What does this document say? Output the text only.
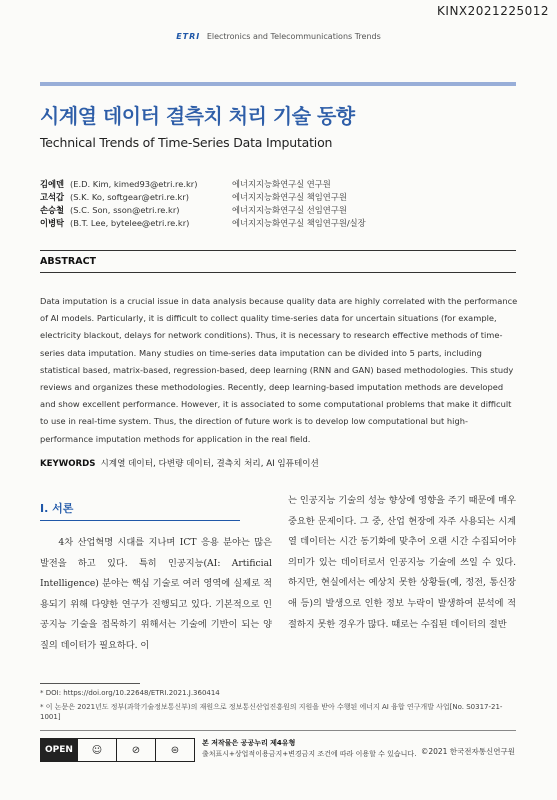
KINX2021225012
ETRI Electronics and Telecommunications Trends
시계열 데이터 결측치 처리 기술 동향
Technical Trends of Time-Series Data Imputation
김에덴 (E.D. Kim, kimed93@etri.re.kr)	에너지지능화연구실 연구원
고석갑 (S.K. Ko, softgear@etri.re.kr)	에너지지능화연구실 책임연구원
손승철 (S.C. Son, sson@etri.re.kr)	에너지지능화연구실 선임연구원
이병탁 (B.T. Lee, bytelee@etri.re.kr)	에너지지능화연구실 책임연구원/실장
ABSTRACT

Data imputation is a crucial issue in data analysis because quality data are highly correlated with the performance of AI models. Particularly, it is difficult to collect quality time-series data for uncertain situations (for example, electricity blackout, delays for network conditions). Thus, it is necessary to research effective methods of time-series data imputation. Many studies on time-series data imputation can be divided into 5 parts, including statistical based, matrix-based, regression-based, deep learning (RNN and GAN) based methodologies. This study reviews and organizes these methodologies. Recently, deep learning-based imputation methods are developed and show excellent performance. However, it is associated to some computational problems that make it difficult to use in real-time system. Thus, the direction of future work is to develop low computational but high-performance imputation methods for application in the real field.

KEYWORDS 시계열 데이터, 다변량 데이터, 결측치 처리, AI 임퓨테이션
Ⅰ. 서론

4차 산업혁명 시대를 지나며 ICT 응용 분야는 많은 발전을 하고 있다. 특히 인공지능(AI: Artificial Intelligence) 분야는 핵심 기술로 여러 영역에 실제로 적용되기 위해 다양한 연구가 진행되고 있다. 기본적으로 인공지능 기술을 접목하기 위해서는 기술에 기반이 되는 양질의 데이터가 필요하다. 이

는 인공지능 기술의 성능 향상에 영향을 주기 때문에 매우 중요한 문제이다. 그 중, 산업 현장에 자주 사용되는 시계열 데이터는 시간 동기화에 맞추어 오랜 시간 수집되어야 의미가 있는 데이터로서 인공지능 기술에 쓰일 수 있다. 하지만, 현실에서는 예상치 못한 상황들(예, 정전, 통신장애 등)의 발생으로 인한 정보 누락이 발생하여 분석에 적절하지 못한 경우가 많다. 때로는 수집된 데이터의 절반

* DOI: https://doi.org/10.22648/ETRI.2021.J.360414
* 이 논문은 2021년도 정부(과학기술정보통신부)의 재원으로 정보통신산업진흥원의 지원을 받아 수행된 에너지 AI 융합 연구개발 사업[No. S0317-21-1001]
OPEN	☺	⊘	⊜
본 저작물은 공공누리 제4유형
출처표시+상업적이용금지+변경금지 조건에 따라 이용할 수 있습니다. ©2021 한국전자통신연구원
